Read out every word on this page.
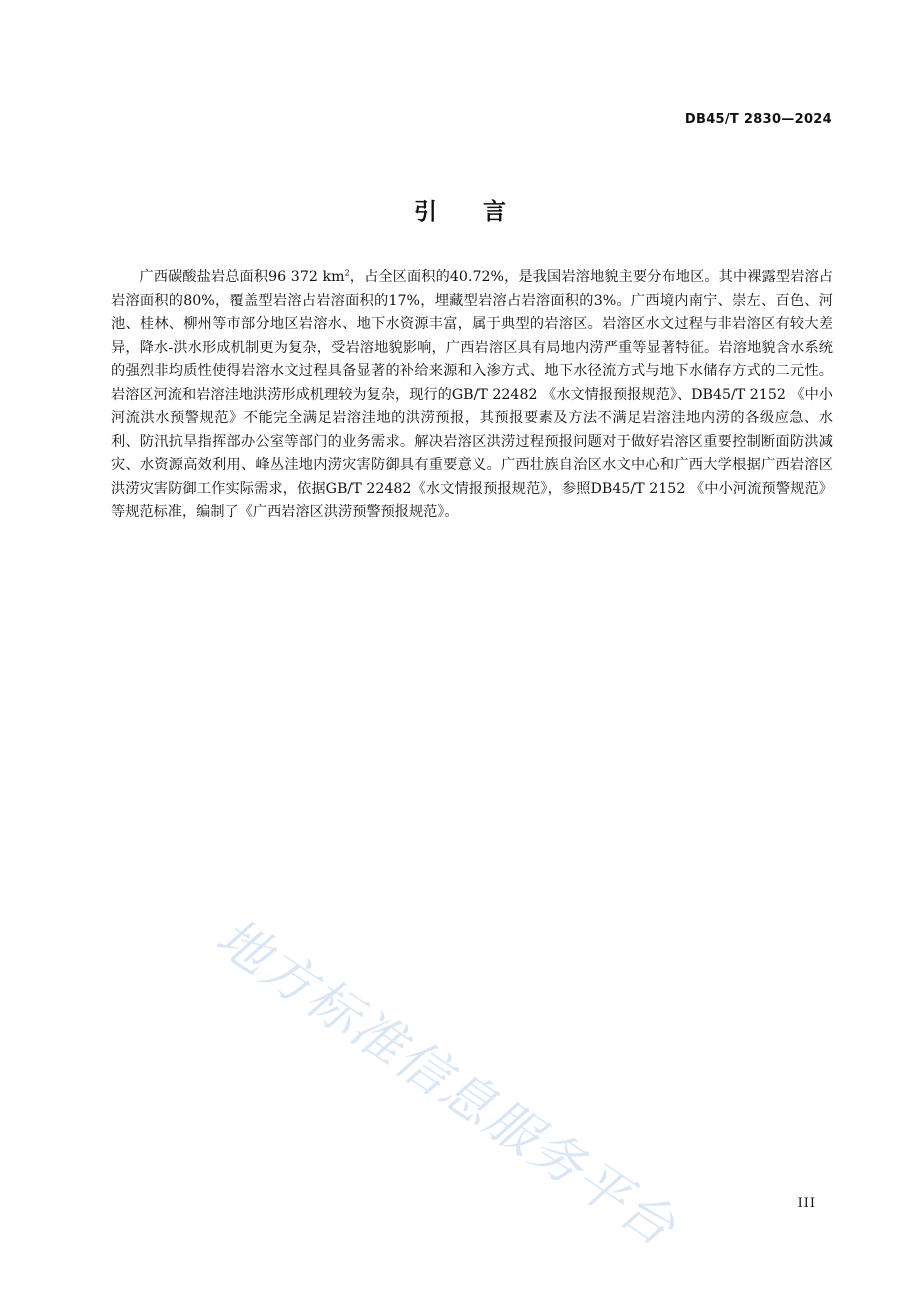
DB45/T 2830—2024
引 言

广西碳酸盐岩总面积96 372 $km^2$，占全区面积的40.72%，是我国岩溶地貌主要分布地区。其中裸露型岩溶占岩溶面积的80%，覆盖型岩溶占岩溶面积的17%，埋藏型岩溶占岩溶面积的3%。广西境内南宁、崇左、百色、河池、桂林、柳州等市部分地区岩溶水、地下水资源丰富，属于典型的岩溶区。岩溶区水文过程与非岩溶区有较大差异，降水-洪水形成机制更为复杂，受岩溶地貌影响，广西岩溶区具有局地内涝严重等显著特征。岩溶地貌含水系统的强烈非均质性使得岩溶水文过程具备显著的补给来源和入渗方式、地下水径流方式与地下水储存方式的二元性。岩溶区河流和岩溶洼地洪涝形成机理较为复杂，现行的GB/T 22482 《水文情报预报规范》、DB45/T 2152 《中小河流洪水预警规范》不能完全满足岩溶洼地的洪涝预报，其预报要素及方法不满足岩溶洼地内涝的各级应急、水利、防汛抗旱指挥部办公室等部门的业务需求。解决岩溶区洪涝过程预报问题对于做好岩溶区重要控制断面防洪减灾、水资源高效利用、峰丛洼地内涝灾害防御具有重要意义。广西壮族自治区水文中心和广西大学根据广西岩溶区洪涝灾害防御工作实际需求，依据GB/T 22482《水文情报预报规范》，参照DB45/T 2152 《中小河流预警规范》等规范标准，编制了《广西岩溶区洪涝预警预报规范》。

地方标准信息服务平台	III
